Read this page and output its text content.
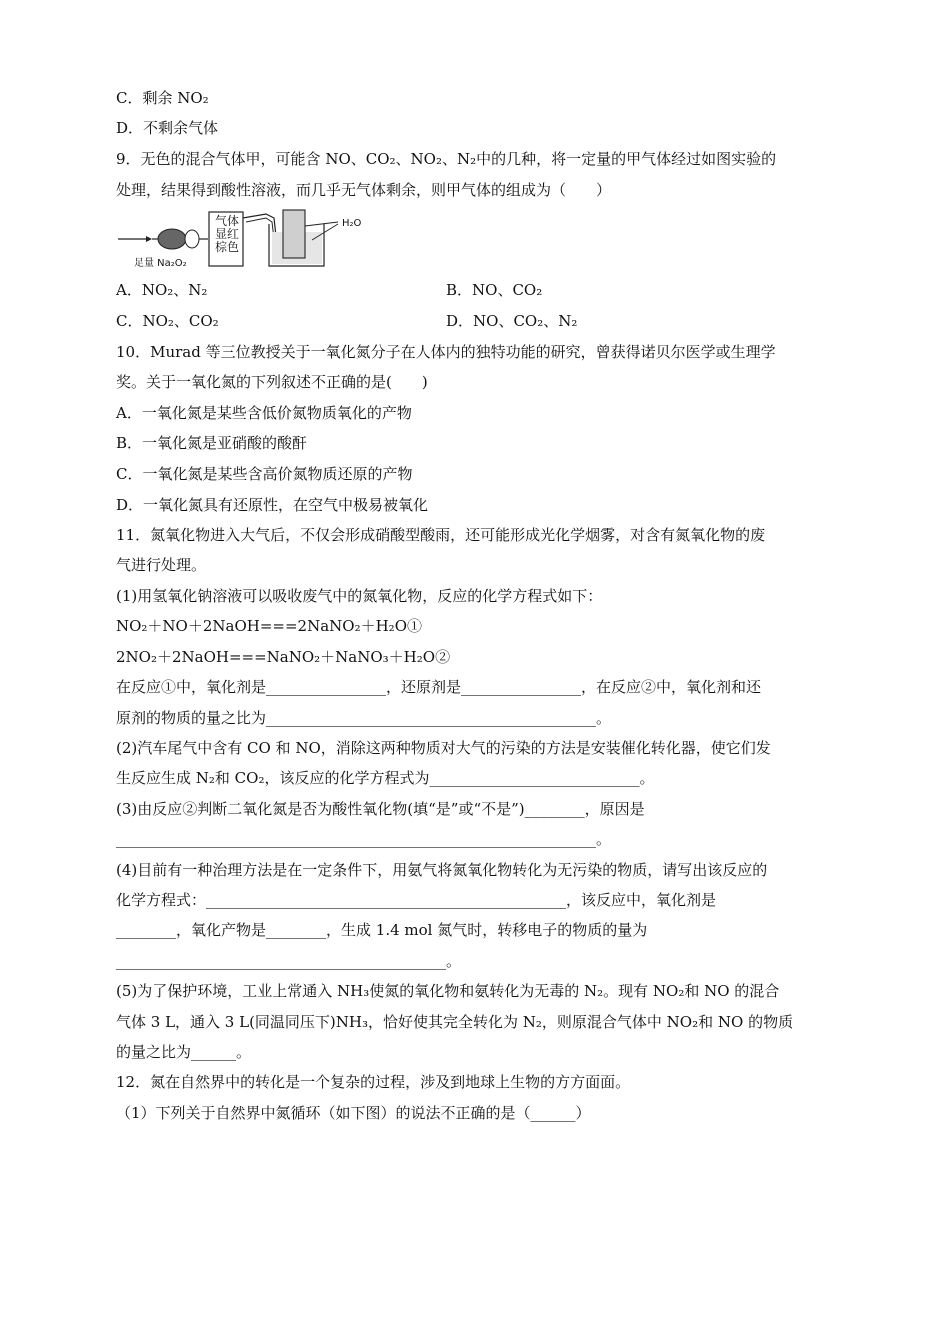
C．剩余 NO₂
D．不剩余气体
9．无色的混合气体甲，可能含 NO、CO₂、NO₂、N₂中的几种，将一定量的甲气体经过如图实验的
处理，结果得到酸性溶液，而几乎无气体剩余，则甲气体的组成为（　　）
气体显红棕色
H₂O
足量 Na₂O₂
A．NO₂、N₂	B．NO、CO₂
C．NO₂、CO₂	D．NO、CO₂、N₂
10．Murad 等三位教授关于一氧化氮分子在人体内的独特功能的研究，曾获得诺贝尔医学或生理学
奖。关于一氧化氮的下列叙述不正确的是(　　)
A．一氧化氮是某些含低价氮物质氧化的产物
B．一氧化氮是亚硝酸的酸酐
C．一氧化氮是某些含高价氮物质还原的产物
D．一氧化氮具有还原性，在空气中极易被氧化
11．氮氧化物进入大气后，不仅会形成硝酸型酸雨，还可能形成光化学烟雾，对含有氮氧化物的废
气进行处理。
(1)用氢氧化钠溶液可以吸收废气中的氮氧化物，反应的化学方程式如下：
NO₂＋NO＋2NaOH===2NaNO₂＋H₂O①
2NO₂＋2NaOH===NaNO₂＋NaNO₃＋H₂O②
在反应①中，氧化剂是________________，还原剂是________________，在反应②中，氧化剂和还
原剂的物质的量之比为____________________________________________。
(2)汽车尾气中含有 CO 和 NO，消除这两种物质对大气的污染的方法是安装催化转化器，使它们发
生反应生成 N₂和 CO₂，该反应的化学方程式为____________________________。
(3)由反应②判断二氧化氮是否为酸性氧化物(填“是”或“不是”)________，原因是
________________________________________________________________。
(4)目前有一种治理方法是在一定条件下，用氨气将氮氧化物转化为无污染的物质，请写出该反应的
化学方程式：________________________________________________，该反应中，氧化剂是
________，氧化产物是________，生成 1.4 mol 氮气时，转移电子的物质的量为
____________________________________________。
(5)为了保护环境，工业上常通入 NH₃使氮的氧化物和氨转化为无毒的 N₂。现有 NO₂和 NO 的混合
气体 3 L，通入 3 L(同温同压下)NH₃，恰好使其完全转化为 N₂，则原混合气体中 NO₂和 NO 的物质
的量之比为______。
12．氮在自然界中的转化是一个复杂的过程，涉及到地球上生物的方方面面。
（1）下列关于自然界中氮循环（如下图）的说法不正确的是（______）
